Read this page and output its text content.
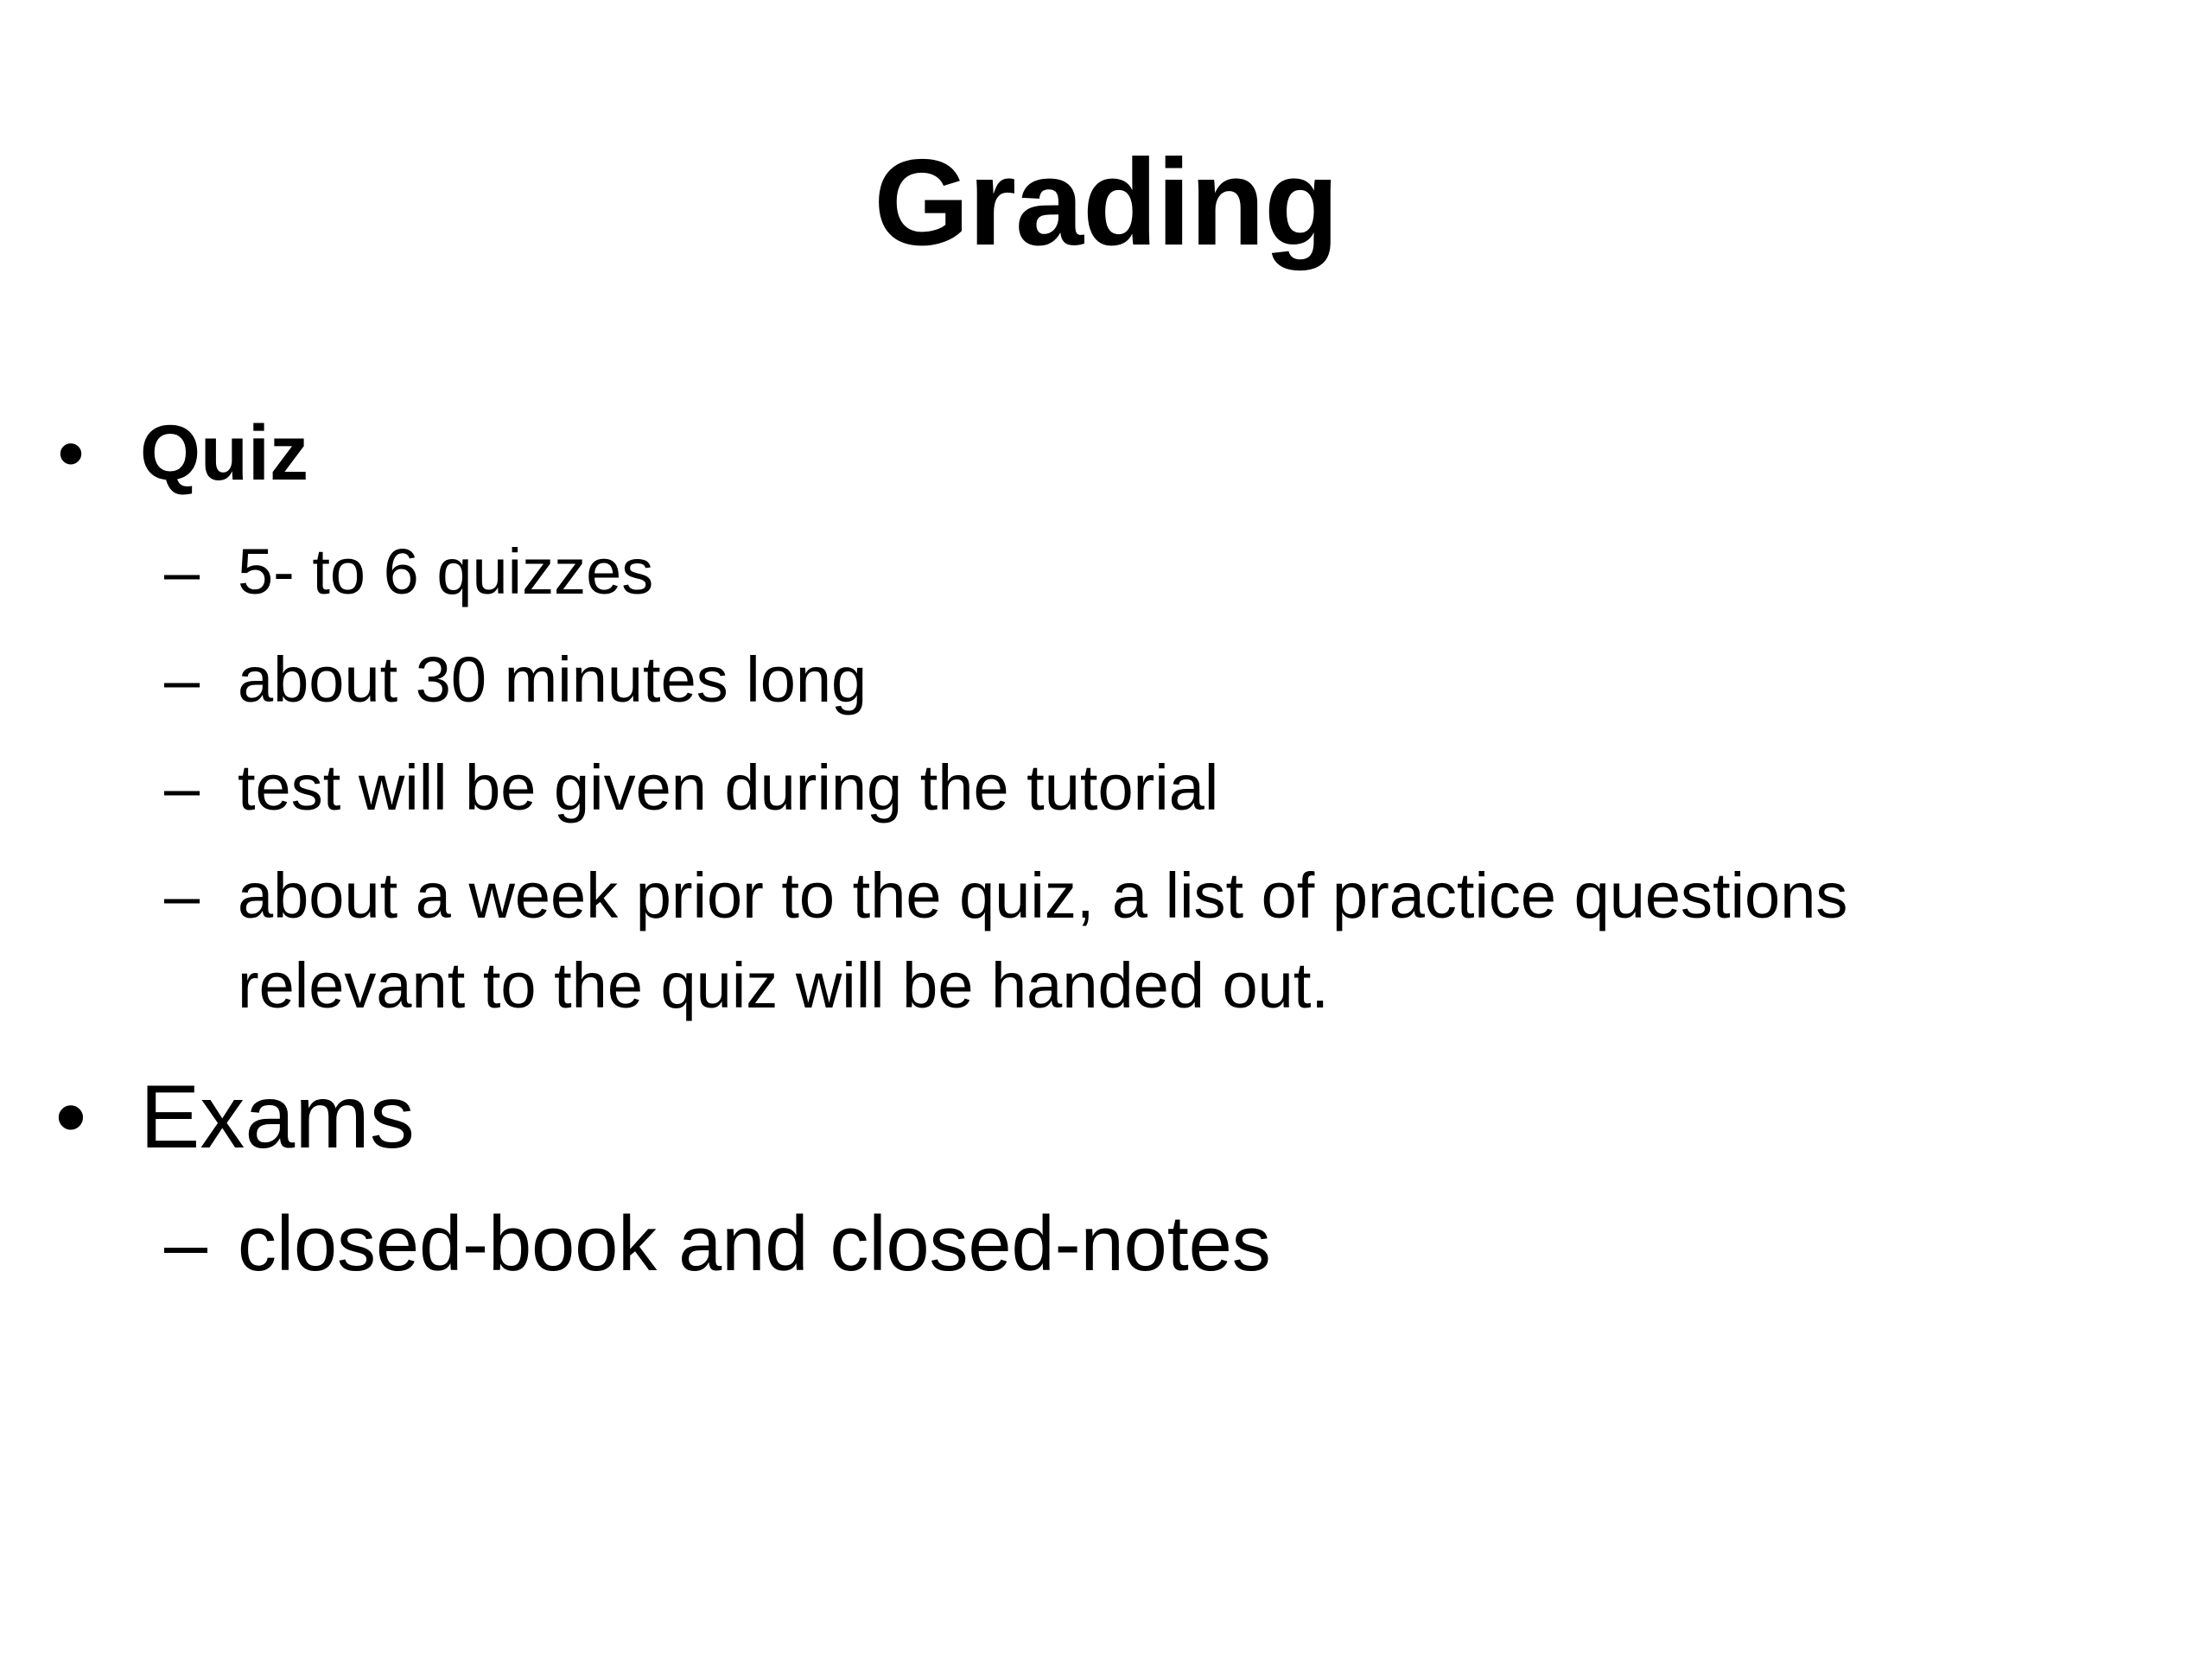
Grading
• Quiz
– 5- to 6 quizzes
– about 30 minutes long
– test will be given during the tutorial
– about a week prior to the quiz, a list of practice questions relevant to the quiz will be handed out.
• Exams
– closed-book and closed-notes
